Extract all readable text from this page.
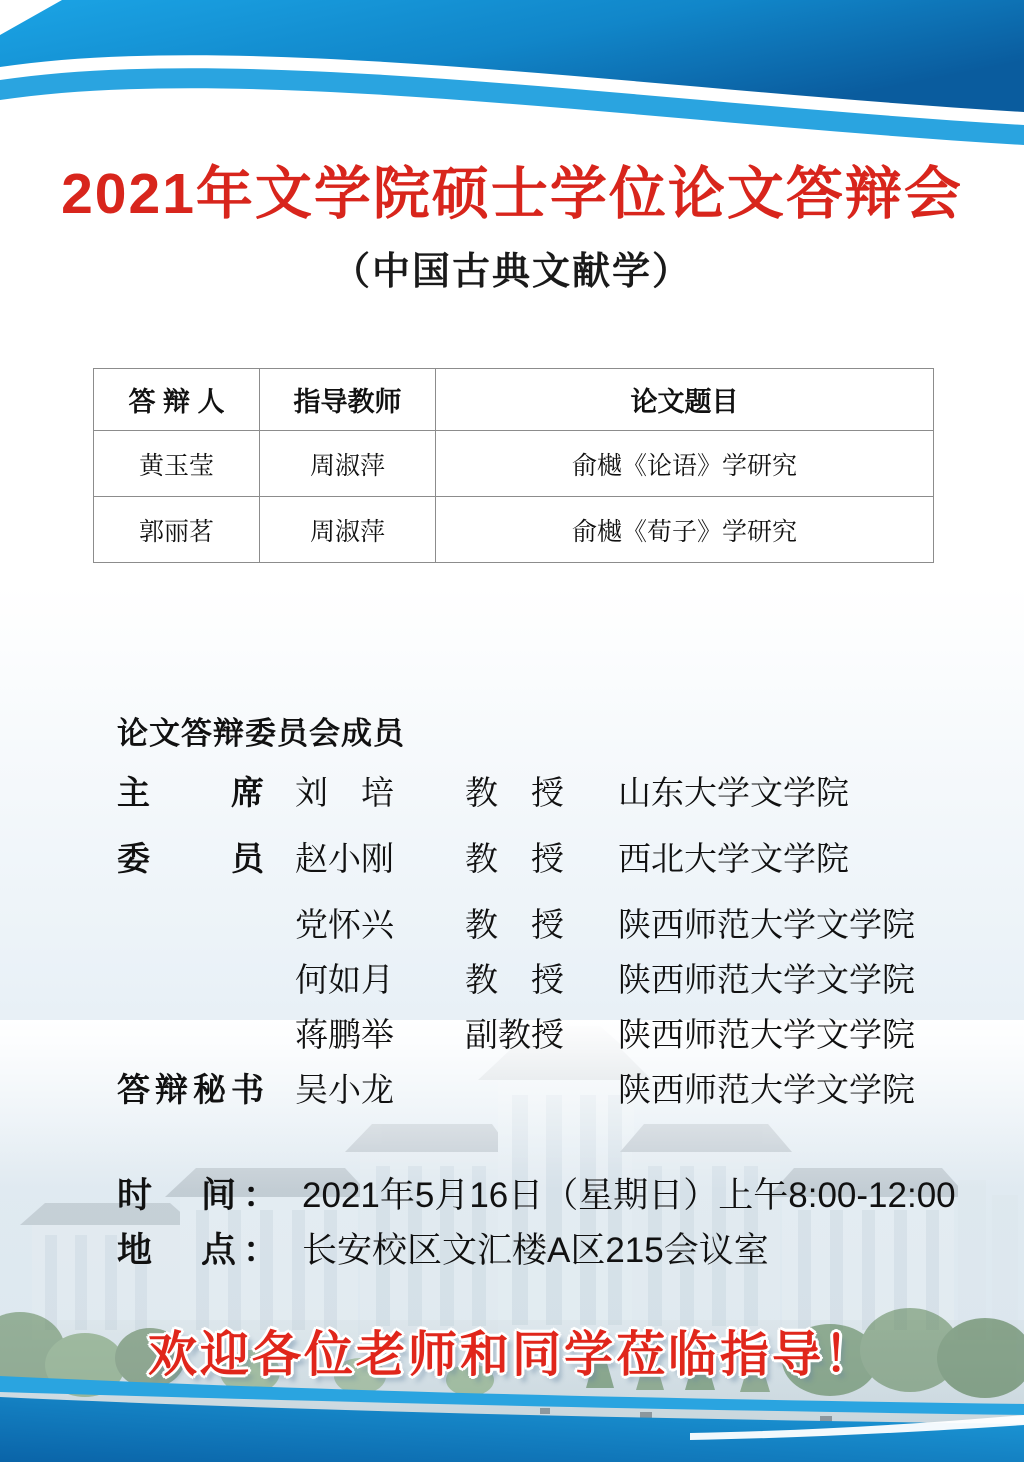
2021年文学院硕士学位论文答辩会
（中国古典文献学）
答 辩 人	指导教师	论文题目
黄玉莹	周淑萍	俞樾《论语》学研究
郭丽茗	周淑萍	俞樾《荀子》学研究
论文答辩委员会成员
主　　席 刘　培	教　授	山东大学文学院
委　　员 赵小刚	教　授	西北大学文学院
党怀兴	教　授	陕西师范大学文学院
何如月	教　授	陕西师范大学文学院
蒋鹏举	副教授	陕西师范大学文学院
答辩秘书 吴小龙	陕西师范大学文学院
时　间： 2021年5月16日（星期日）上午8:00-12:00
地　点： 长安校区文汇楼A区215会议室
欢迎各位老师和同学莅临指导！
